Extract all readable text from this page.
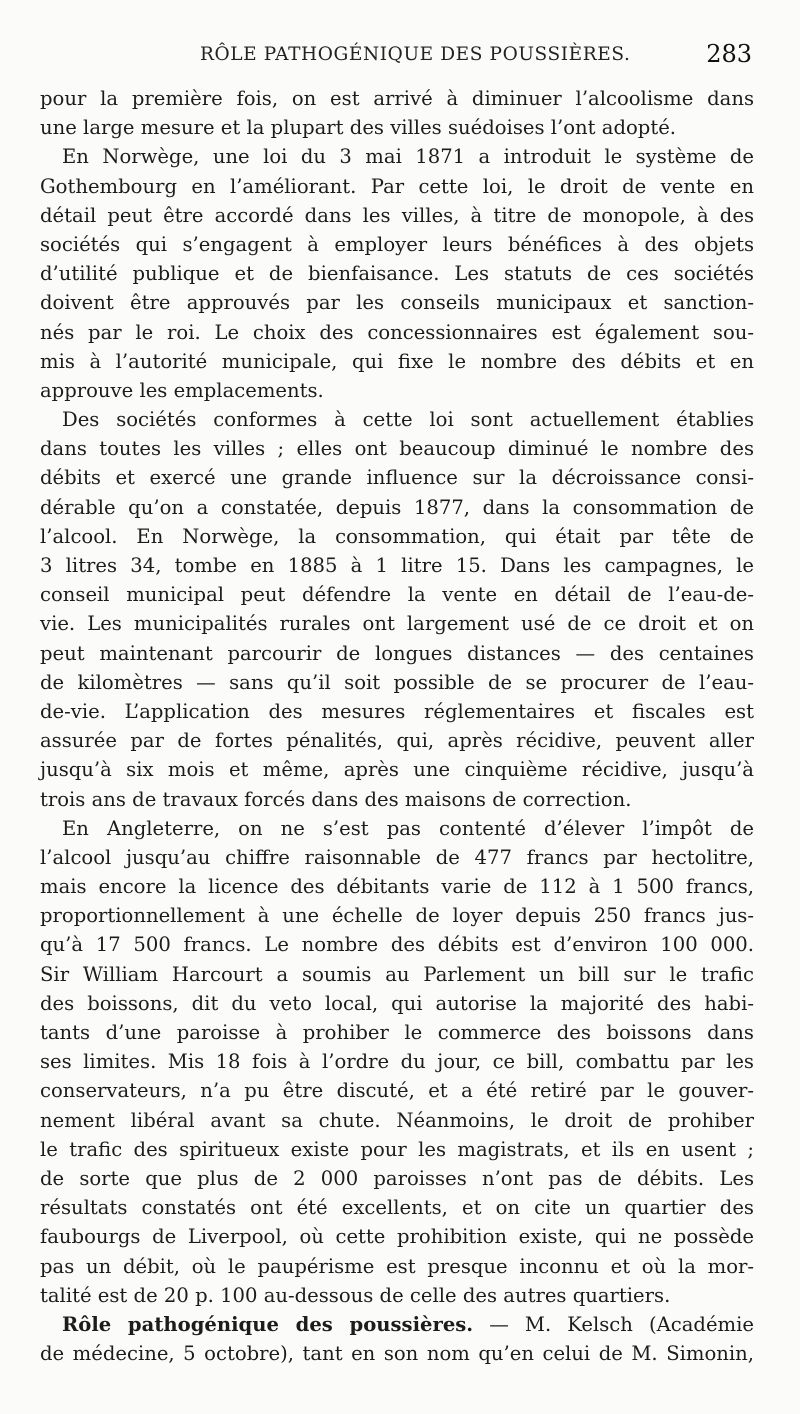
RÔLE PATHOGÉNIQUE DES POUSSIÈRES.	283
pour la première fois, on est arrivé à diminuer l’alcoolisme dans
une large mesure et la plupart des villes suédoises l’ont adopté.
En Norwège, une loi du 3 mai 1871 a introduit le système de
Gothembourg en l’améliorant. Par cette loi, le droit de vente en
détail peut être accordé dans les villes, à titre de monopole, à des
sociétés qui s’engagent à employer leurs bénéfices à des objets
d’utilité publique et de bienfaisance. Les statuts de ces sociétés
doivent être approuvés par les conseils municipaux et sanction-
nés par le roi. Le choix des concessionnaires est également sou-
mis à l’autorité municipale, qui fixe le nombre des débits et en
approuve les emplacements.
Des sociétés conformes à cette loi sont actuellement établies
dans toutes les villes ; elles ont beaucoup diminué le nombre des
débits et exercé une grande influence sur la décroissance consi-
dérable qu’on a constatée, depuis 1877, dans la consommation de
l’alcool. En Norwège, la consommation, qui était par tête de
3 litres 34, tombe en 1885 à 1 litre 15. Dans les campagnes, le
conseil municipal peut défendre la vente en détail de l’eau-de-
vie. Les municipalités rurales ont largement usé de ce droit et on
peut maintenant parcourir de longues distances — des centaines
de kilomètres — sans qu’il soit possible de se procurer de l’eau-
de-vie. L’application des mesures réglementaires et fiscales est
assurée par de fortes pénalités, qui, après récidive, peuvent aller
jusqu’à six mois et même, après une cinquième récidive, jusqu’à
trois ans de travaux forcés dans des maisons de correction.
En Angleterre, on ne s’est pas contenté d’élever l’impôt de
l’alcool jusqu’au chiffre raisonnable de 477 francs par hectolitre,
mais encore la licence des débitants varie de 112 à 1 500 francs,
proportionnellement à une échelle de loyer depuis 250 francs jus-
qu’à 17 500 francs. Le nombre des débits est d’environ 100 000.
Sir William Harcourt a soumis au Parlement un bill sur le trafic
des boissons, dit du veto local, qui autorise la majorité des habi-
tants d’une paroisse à prohiber le commerce des boissons dans
ses limites. Mis 18 fois à l’ordre du jour, ce bill, combattu par les
conservateurs, n’a pu être discuté, et a été retiré par le gouver-
nement libéral avant sa chute. Néanmoins, le droit de prohiber
le trafic des spiritueux existe pour les magistrats, et ils en usent ;
de sorte que plus de 2 000 paroisses n’ont pas de débits. Les
résultats constatés ont été excellents, et on cite un quartier des
faubourgs de Liverpool, où cette prohibition existe, qui ne possède
pas un débit, où le paupérisme est presque inconnu et où la mor-
talité est de 20 p. 100 au-dessous de celle des autres quartiers.
Rôle pathogénique des poussières. — M. Kelsch (Académie
de médecine, 5 octobre), tant en son nom qu’en celui de M. Simonin,
